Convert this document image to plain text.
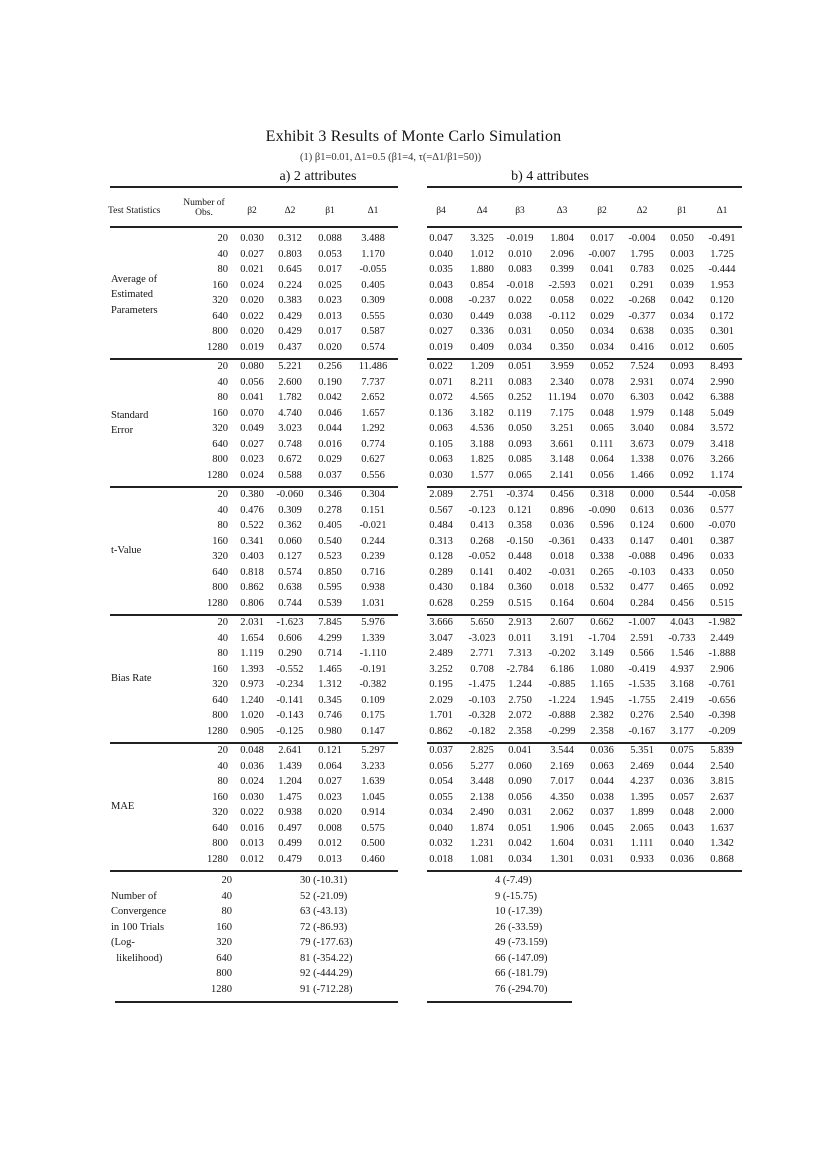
Exhibit 3 Results of Monte Carlo Simulation
(1) β1=0.01, Δ1=0.5 (β1=4, τ(=Δ1/β1=50))
a) 2 attributes	b) 4 attributes
Test Statistics
Number of Obs.	β2	Δ2	β1	Δ1	β4	Δ4	β3	Δ3	β2	Δ2	β1	Δ1
20 0.030 0.312 0.088 3.488	0.047 3.325 -0.019 1.804 0.017 -0.004 0.050 -0.491
40 0.027 0.803 0.053 1.170	0.040 1.012 0.010 2.096 -0.007 1.795 0.003 1.725
80 0.021 0.645 0.017 -0.055	0.035 1.880 0.083 0.399 0.041 0.783 0.025 -0.444
160 0.024 0.224 0.025 0.405	0.043 0.854 -0.018 -2.593 0.021 0.291 0.039 1.953
320 0.020 0.383 0.023 0.309	0.008 -0.237 0.022 0.058 0.022 -0.268 0.042 0.120
640 0.022 0.429 0.013 0.555	0.030 0.449 0.038 -0.112 0.029 -0.377 0.034 0.172
800 0.020 0.429 0.017 0.587	0.027 0.336 0.031 0.050 0.034 0.638 0.035 0.301
1280 0.019 0.437 0.020 0.574	0.019 0.409 0.034 0.350 0.034 0.416 0.012 0.605
Average of
Estimated
Parameters
20 0.080 5.221 0.256 11.486	0.022 1.209 0.051 3.959 0.052 7.524 0.093 8.493
40 0.056 2.600 0.190 7.737	0.071 8.211 0.083 2.340 0.078 2.931 0.074 2.990
80 0.041 1.782 0.042 2.652	0.072 4.565 0.252 11.194 0.070 6.303 0.042 6.388
160 0.070 4.740 0.046 1.657	0.136 3.182 0.119 7.175 0.048 1.979 0.148 5.049
320 0.049 3.023 0.044 1.292	0.063 4.536 0.050 3.251 0.065 3.040 0.084 3.572
640 0.027 0.748 0.016 0.774	0.105 3.188 0.093 3.661 0.111 3.673 0.079 3.418
800 0.023 0.672 0.029 0.627	0.063 1.825 0.085 3.148 0.064 1.338 0.076 3.266
1280 0.024 0.588 0.037 0.556	0.030 1.577 0.065 2.141 0.056 1.466 0.092 1.174
Standard
Error
20 0.380 -0.060 0.346 0.304	2.089 2.751 -0.374 0.456 0.318 0.000 0.544 -0.058
40 0.476 0.309 0.278 0.151	0.567 -0.123 0.121 0.896 -0.090 0.613 0.036 0.577
80 0.522 0.362 0.405 -0.021	0.484 0.413 0.358 0.036 0.596 0.124 0.600 -0.070
160 0.341 0.060 0.540 0.244	0.313 0.268 -0.150 -0.361 0.433 0.147 0.401 0.387
320 0.403 0.127 0.523 0.239	0.128 -0.052 0.448 0.018 0.338 -0.088 0.496 0.033
640 0.818 0.574 0.850 0.716	0.289 0.141 0.402 -0.031 0.265 -0.103 0.433 0.050
800 0.862 0.638 0.595 0.938	0.430 0.184 0.360 0.018 0.532 0.477 0.465 0.092
1280 0.806 0.744 0.539 1.031	0.628 0.259 0.515 0.164 0.604 0.284 0.456 0.515
t-Value
20 2.031 -1.623 7.845 5.976	3.666 5.650 2.913 2.607 0.662 -1.007 4.043 -1.982
40 1.654 0.606 4.299 1.339	3.047 -3.023 0.011 3.191 -1.704 2.591 -0.733 2.449
80 1.119 0.290 0.714 -1.110	2.489 2.771 7.313 -0.202 3.149 0.566 1.546 -1.888
160 1.393 -0.552 1.465 -0.191	3.252 0.708 -2.784 6.186 1.080 -0.419 4.937 2.906
320 0.973 -0.234 1.312 -0.382	0.195 -1.475 1.244 -0.885 1.165 -1.535 3.168 -0.761
640 1.240 -0.141 0.345 0.109	2.029 -0.103 2.750 -1.224 1.945 -1.755 2.419 -0.656
800 1.020 -0.143 0.746 0.175	1.701 -0.328 2.072 -0.888 2.382 0.276 2.540 -0.398
1280 0.905 -0.125 0.980 0.147	0.862 -0.182 2.358 -0.299 2.358 -0.167 3.177 -0.209
Bias Rate
20 0.048 2.641 0.121 5.297	0.037 2.825 0.041 3.544 0.036 5.351 0.075 5.839
40 0.036 1.439 0.064 3.233	0.056 5.277 0.060 2.169 0.063 2.469 0.044 2.540
80 0.024 1.204 0.027 1.639	0.054 3.448 0.090 7.017 0.044 4.237 0.036 3.815
160 0.030 1.475 0.023 1.045	0.055 2.138 0.056 4.350 0.038 1.395 0.057 2.637
320 0.022 0.938 0.020 0.914	0.034 2.490 0.031 2.062 0.037 1.899 0.048 2.000
640 0.016 0.497 0.008 0.575	0.040 1.874 0.051 1.906 0.045 2.065 0.043 1.637
800 0.013 0.499 0.012 0.500	0.032 1.231 0.042 1.604 0.031 1.111 0.040 1.342
1280 0.012 0.479 0.013 0.460	0.018 1.081 0.034 1.301 0.031 0.933 0.036 0.868
MAE
20	30 (-10.31)	4 (-7.49)
40	52 (-21.09)	9 (-15.75)
80	63 (-43.13)	10 (-17.39)
160	72 (-86.93)	26 (-33.59)
320	79 (-177.63)	49 (-73.159)
640	81 (-354.22)	66 (-147.09)
800	92 (-444.29)	66 (-181.79)
1280	91 (-712.28)	76 (-294.70)
Number of
Convergence
in 100 Trials
(Log-
likelihood)
